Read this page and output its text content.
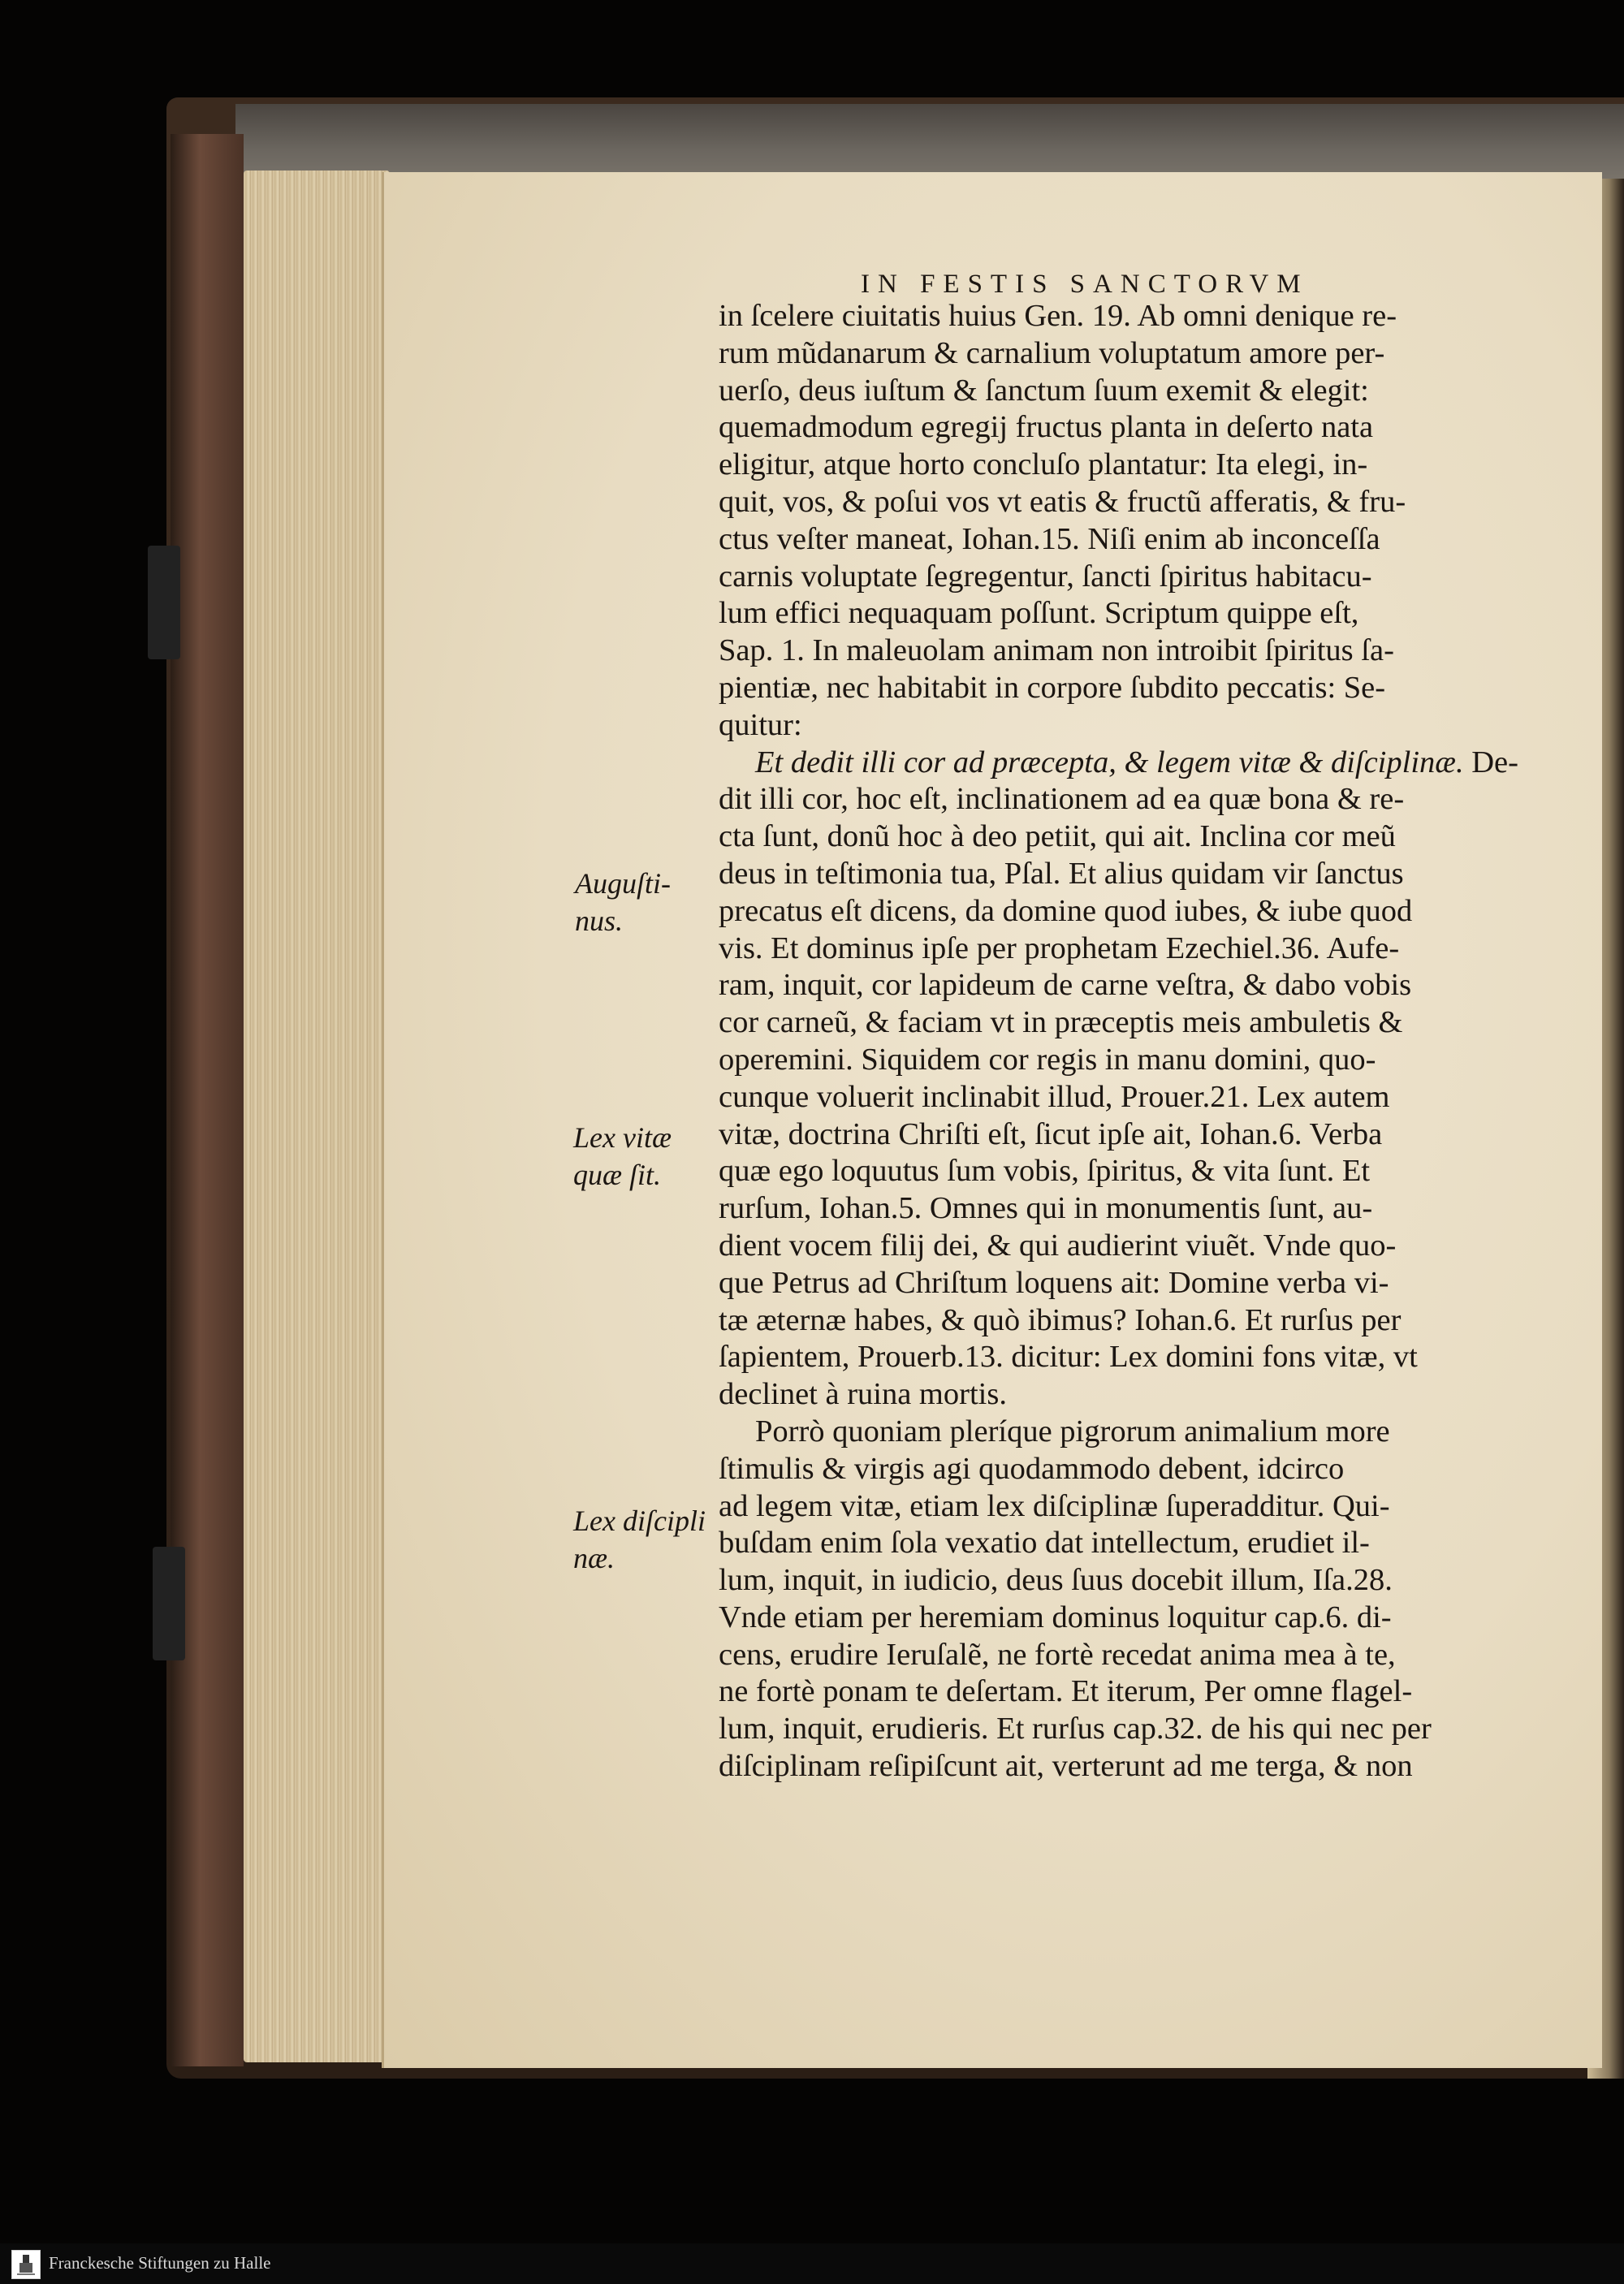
IN FESTIS SANCTORVM
in ſcelere ciuitatis huius Gen. 19. Ab omni denique re-
rum mũdanarum & carnalium voluptatum amore per-
uerſo, deus iuſtum & ſanctum ſuum exemit & elegit:
quemadmodum egregij fructus planta in deſerto nata
eligitur, atque horto concluſo plantatur: Ita elegi, in-
quit, vos, & poſui vos vt eatis & fructũ afferatis, & fru-
ctus veſter maneat, Iohan.15. Niſi enim ab inconceſſa
carnis voluptate ſegregentur, ſancti ſpiritus habitacu-
lum effici nequaquam poſſunt. Scriptum quippe eſt,
Sap. 1. In maleuolam animam non introibit ſpiritus ſa-
pientiæ, nec habitabit in corpore ſubdito peccatis: Se-
quitur:
Et dedit illi cor ad præcepta, & legem vitæ & diſciplinæ. De-
dit illi cor, hoc eſt, inclinationem ad ea quæ bona & re-
cta ſunt, donũ hoc à deo petiit, qui ait. Inclina cor meũ
deus in teſtimonia tua, Pſal. Et alius quidam vir ſanctus
precatus eſt dicens, da domine quod iubes, & iube quod
vis. Et dominus ipſe per prophetam Ezechiel.36. Aufe-
ram, inquit, cor lapideum de carne veſtra, & dabo vobis
cor carneũ, & faciam vt in præceptis meis ambuletis &
operemini. Siquidem cor regis in manu domini, quo-
cunque voluerit inclinabit illud, Prouer.21. Lex autem
vitæ, doctrina Chriſti eſt, ſicut ipſe ait, Iohan.6. Verba
quæ ego loquutus ſum vobis, ſpiritus, & vita ſunt. Et
rurſum, Iohan.5. Omnes qui in monumentis ſunt, au-
dient vocem filij dei, & qui audierint viuẽt. Vnde quo-
que Petrus ad Chriſtum loquens ait: Domine verba vi-
tæ æternæ habes, & quò ibimus? Iohan.6. Et rurſus per
ſapientem, Prouerb.13. dicitur: Lex domini fons vitæ, vt
declinet à ruina mortis.
Porrò quoniam pleríque pigrorum animalium more
ſtimulis & virgis agi quodammodo debent, idcirco
ad legem vitæ, etiam lex diſciplinæ ſuperadditur. Qui-
buſdam enim ſola vexatio dat intellectum, erudiet il-
lum, inquit, in iudicio, deus ſuus docebit illum, Iſa.28.
Vnde etiam per heremiam dominus loquitur cap.6. di-
cens, erudire Ieruſalẽ, ne fortè recedat anima mea à te,
ne fortè ponam te deſertam. Et iterum, Per omne flagel-
lum, inquit, erudieris. Et rurſus cap.32. de his qui nec per
diſciplinam reſipiſcunt ait, verterunt ad me terga, & non
Auguſti-
nus.
Lex vitæ
quæ ſit.
Lex diſcipli
næ.
Franckesche Stiftungen zu Halle
